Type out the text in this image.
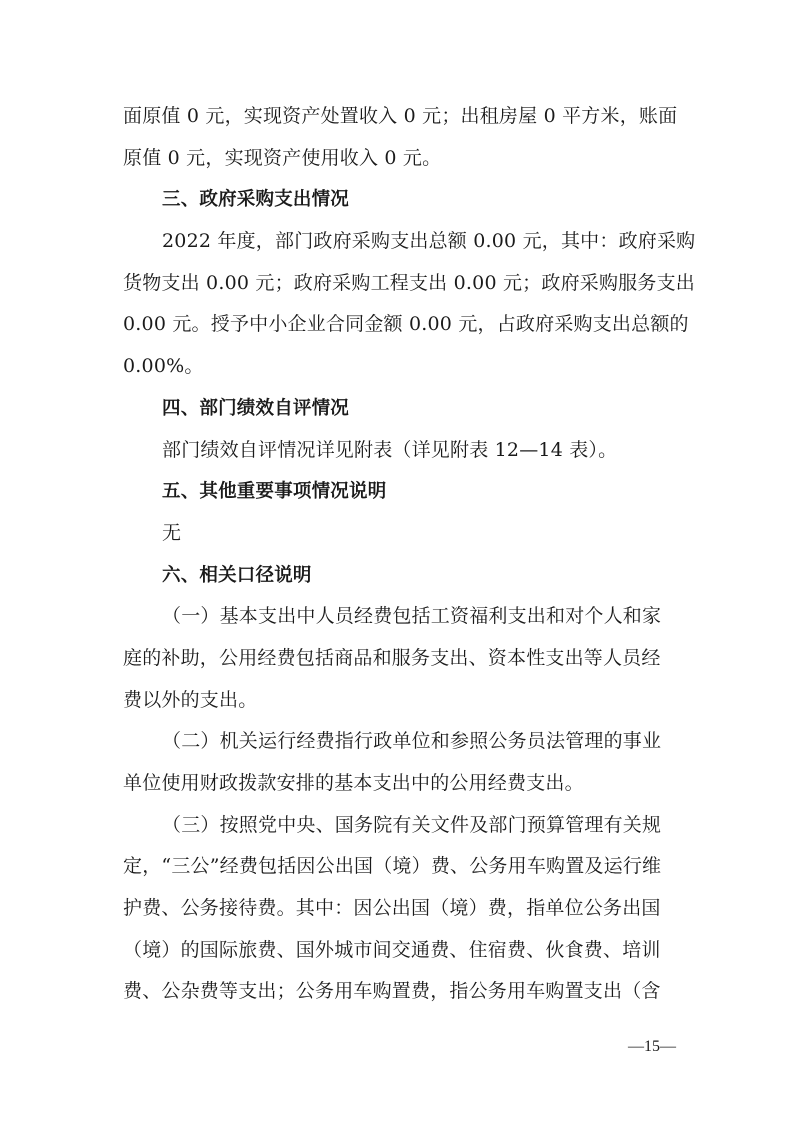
面原值 0 元，实现资产处置收入 0 元；出租房屋 0 平方米，账面
原值 0 元，实现资产使用收入 0 元。
三、政府采购支出情况
2022 年度，部门政府采购支出总额 0.00 元，其中：政府采购
货物支出 0.00 元；政府采购工程支出 0.00 元；政府采购服务支出
0.00 元。授予中小企业合同金额 0.00 元，占政府采购支出总额的
0.00%。
四、部门绩效自评情况
部门绩效自评情况详见附表（详见附表 12—14 表）。
五、其他重要事项情况说明
无
六、相关口径说明
（一）基本支出中人员经费包括工资福利支出和对个人和家
庭的补助，公用经费包括商品和服务支出、资本性支出等人员经
费以外的支出。
（二）机关运行经费指行政单位和参照公务员法管理的事业
单位使用财政拨款安排的基本支出中的公用经费支出。
（三）按照党中央、国务院有关文件及部门预算管理有关规
定，“三公”经费包括因公出国（境）费、公务用车购置及运行维
护费、公务接待费。其中：因公出国（境）费，指单位公务出国
（境）的国际旅费、国外城市间交通费、住宿费、伙食费、培训
费、公杂费等支出；公务用车购置费，指公务用车购置支出（含
—15—
